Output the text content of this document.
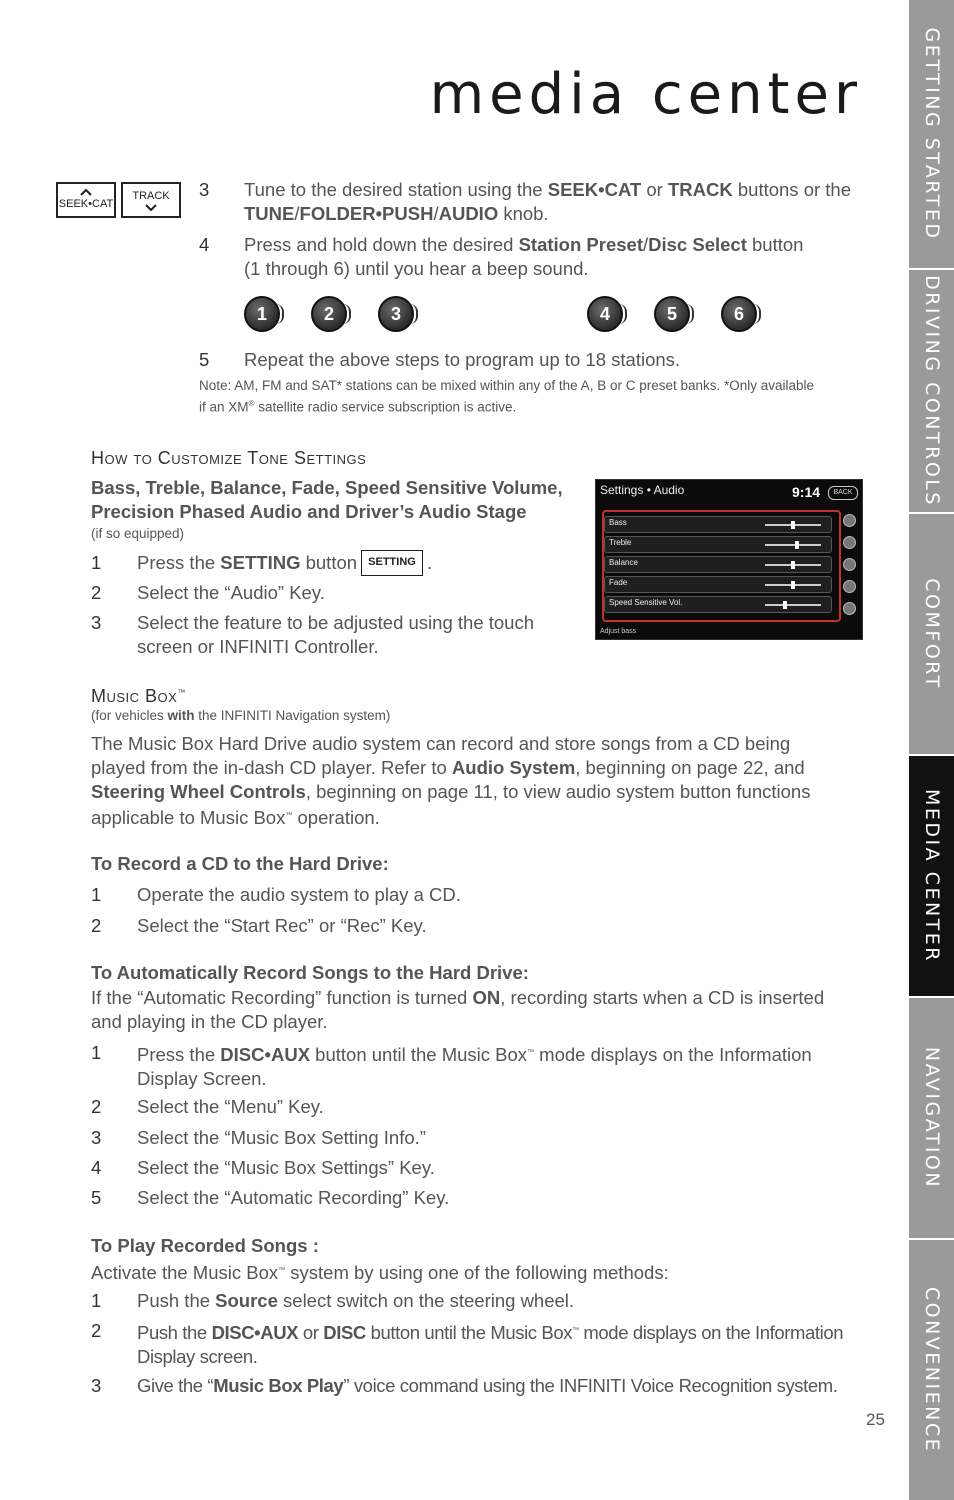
GETTING STARTED
DRIVING CONTROLS
COMFORT
MEDIA CENTER
NAVIGATION
CONVENIENCE
media center
SEEK•CAT
TRACK	3 Tune to the desired station using the SEEK•CAT or TRACK buttons or the
TUNE/FOLDER•PUSH/AUDIO knob.
4 Press and hold down the desired Station Preset/Disc Select button
(1 through 6) until you hear a beep sound.
1	2	3	4	5	6
5 Repeat the above steps to program up to 18 stations.
Note: AM, FM and SAT* stations can be mixed within any of the A, B or C preset banks. *Only available
if an XM® satellite radio service subscription is active.
How to Customize Tone Settings
Bass, Treble, Balance, Fade, Speed Sensitive Volume,
Precision Phased Audio and Driver’s Audio Stage
(if so equipped)
1 Press the SETTING button	SETTING .
2 Select the “Audio” Key.
3 Select the feature to be adjusted using the touch
screen or INFINITI Controller.
Settings • Audio	9:14	BACK
Bass
Treble
Balance
Fade
Speed Sensitive Vol.
Adjust bass
Music Box™
(for vehicles with the INFINITI Navigation system)
The Music Box Hard Drive audio system can record and store songs from a CD being
played from the in-dash CD player. Refer to Audio System, beginning on page 22, and
Steering Wheel Controls, beginning on page 11, to view audio system button functions
applicable to Music Box™ operation.
To Record a CD to the Hard Drive:
1 Operate the audio system to play a CD.
2 Select the “Start Rec” or “Rec” Key.
To Automatically Record Songs to the Hard Drive:
If the “Automatic Recording” function is turned ON, recording starts when a CD is inserted
and playing in the CD player.
1 Press the DISC•AUX button until the Music Box™ mode displays on the Information
Display Screen.
2 Select the “Menu” Key.
3 Select the “Music Box Setting Info.”
4 Select the “Music Box Settings” Key.
5 Select the “Automatic Recording” Key.
To Play Recorded Songs :
Activate the Music Box™ system by using one of the following methods:
1 Push the Source select switch on the steering wheel.
2 Push the DISC•AUX or DISC button until the Music Box™ mode displays on the Information
Display screen.
3 Give the “Music Box Play” voice command using the INFINITI Voice Recognition system.
25
